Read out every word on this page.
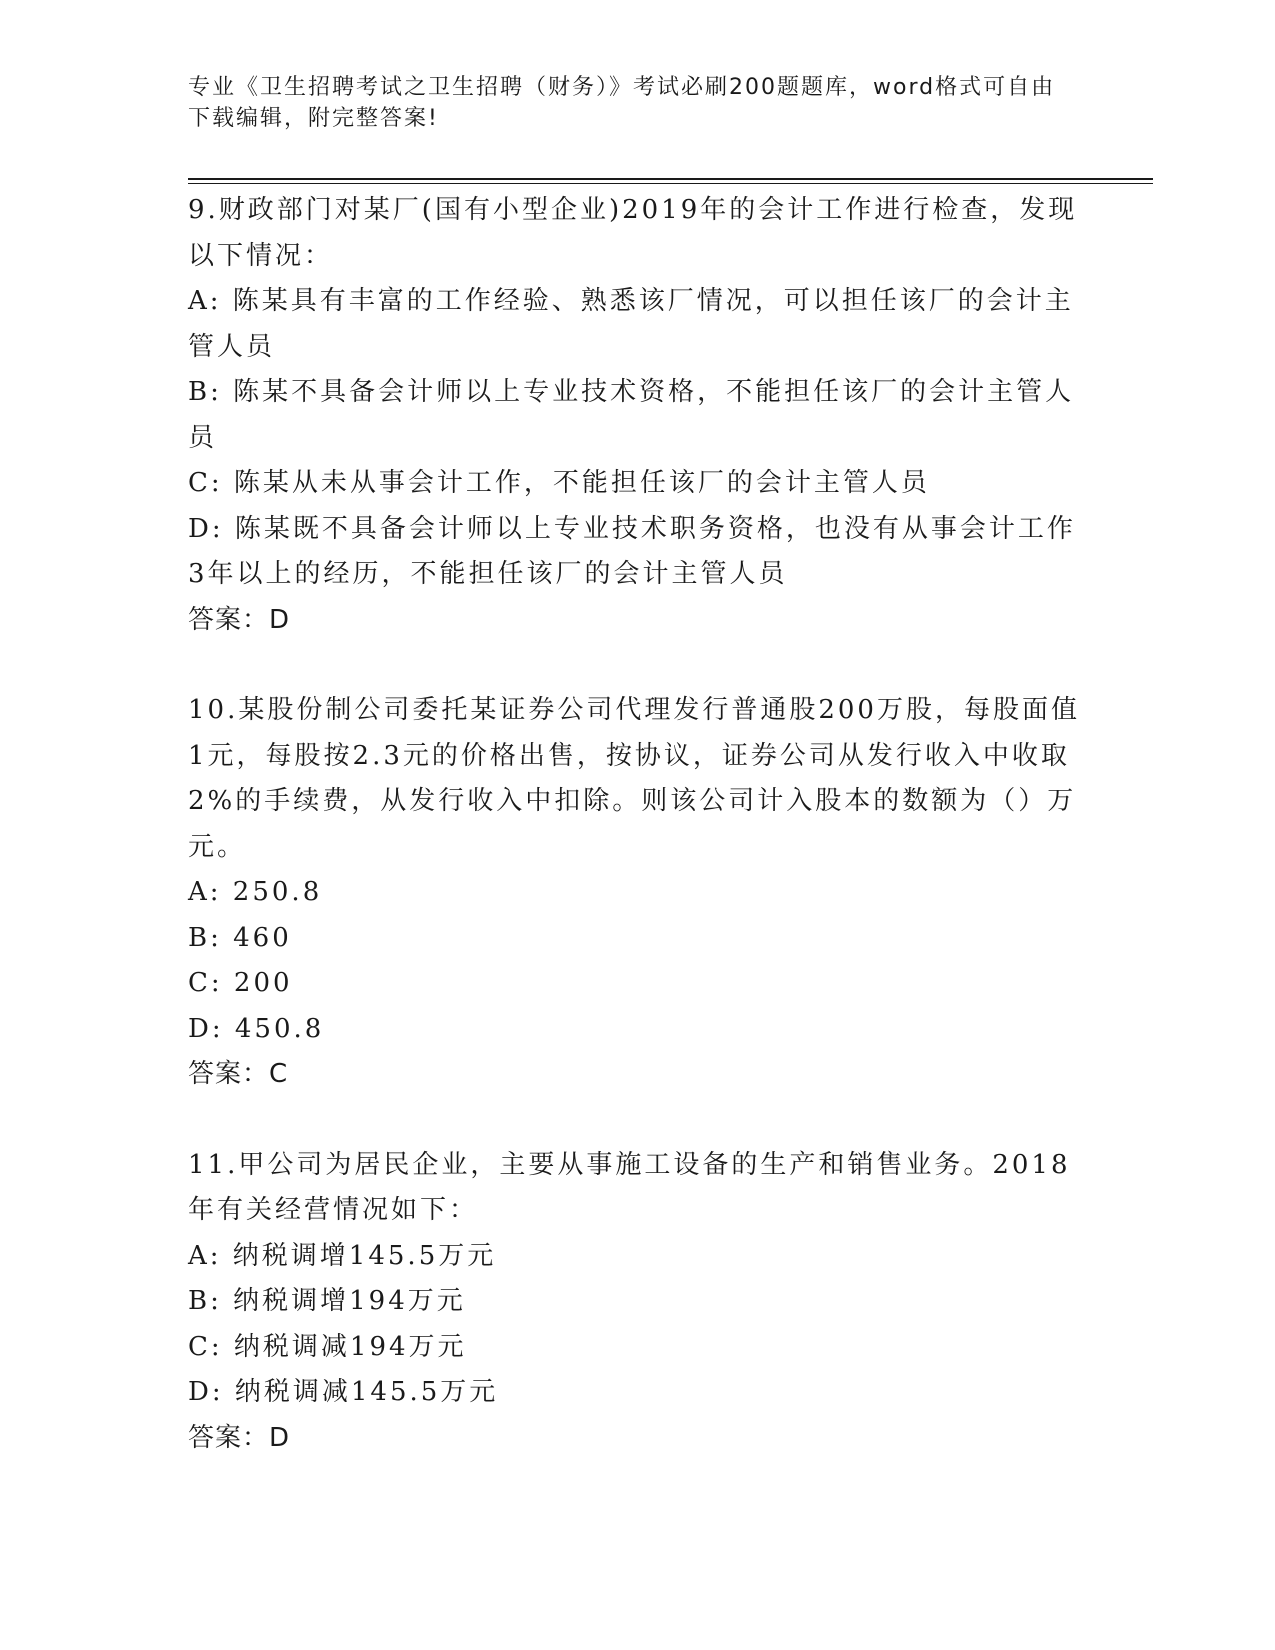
专业《卫生招聘考试之卫生招聘（财务）》考试必刷200题题库，word格式可自由下载编辑，附完整答案!

9.财政部门对某厂(国有小型企业)2019年的会计工作进行检查，发现以下情况：

A: 陈某具有丰富的工作经验、熟悉该厂情况，可以担任该厂的会计主管人员

B: 陈某不具备会计师以上专业技术资格，不能担任该厂的会计主管人员

C: 陈某从未从事会计工作，不能担任该厂的会计主管人员

D: 陈某既不具备会计师以上专业技术职务资格，也没有从事会计工作3年以上的经历，不能担任该厂的会计主管人员

答案：D

10.某股份制公司委托某证券公司代理发行普通股200万股，每股面值1元，每股按2.3元的价格出售，按协议，证券公司从发行收入中收取2%的手续费，从发行收入中扣除。则该公司计入股本的数额为（）万元。

A: 250.8

B: 460

C: 200

D: 450.8

答案：C

11.甲公司为居民企业，主要从事施工设备的生产和销售业务。2018年有关经营情况如下：

A: 纳税调增145.5万元

B: 纳税调增194万元

C: 纳税调减194万元

D: 纳税调减145.5万元

答案：D
